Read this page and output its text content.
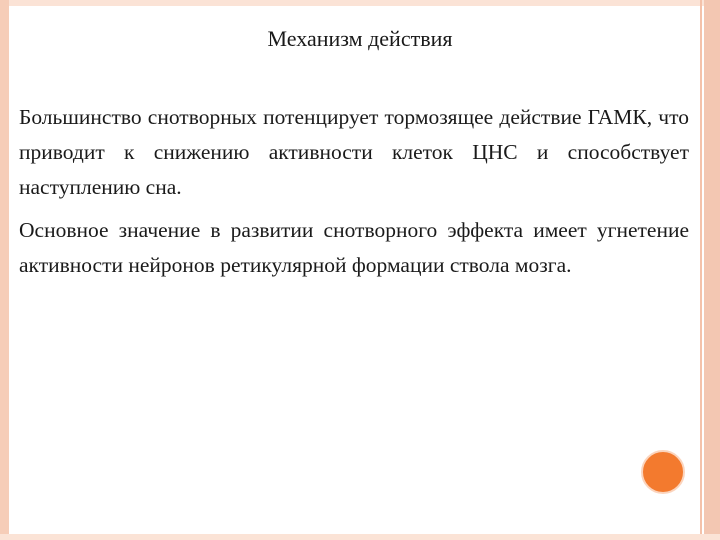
Механизм действия

Большинство снотворных потенцирует тормозящее действие ГАМК, что приводит к снижению активности клеток ЦНС и способствует наступлению сна.

Основное значение в развитии снотворного эффекта имеет угнетение активности нейронов ретикулярной формации ствола мозга.
